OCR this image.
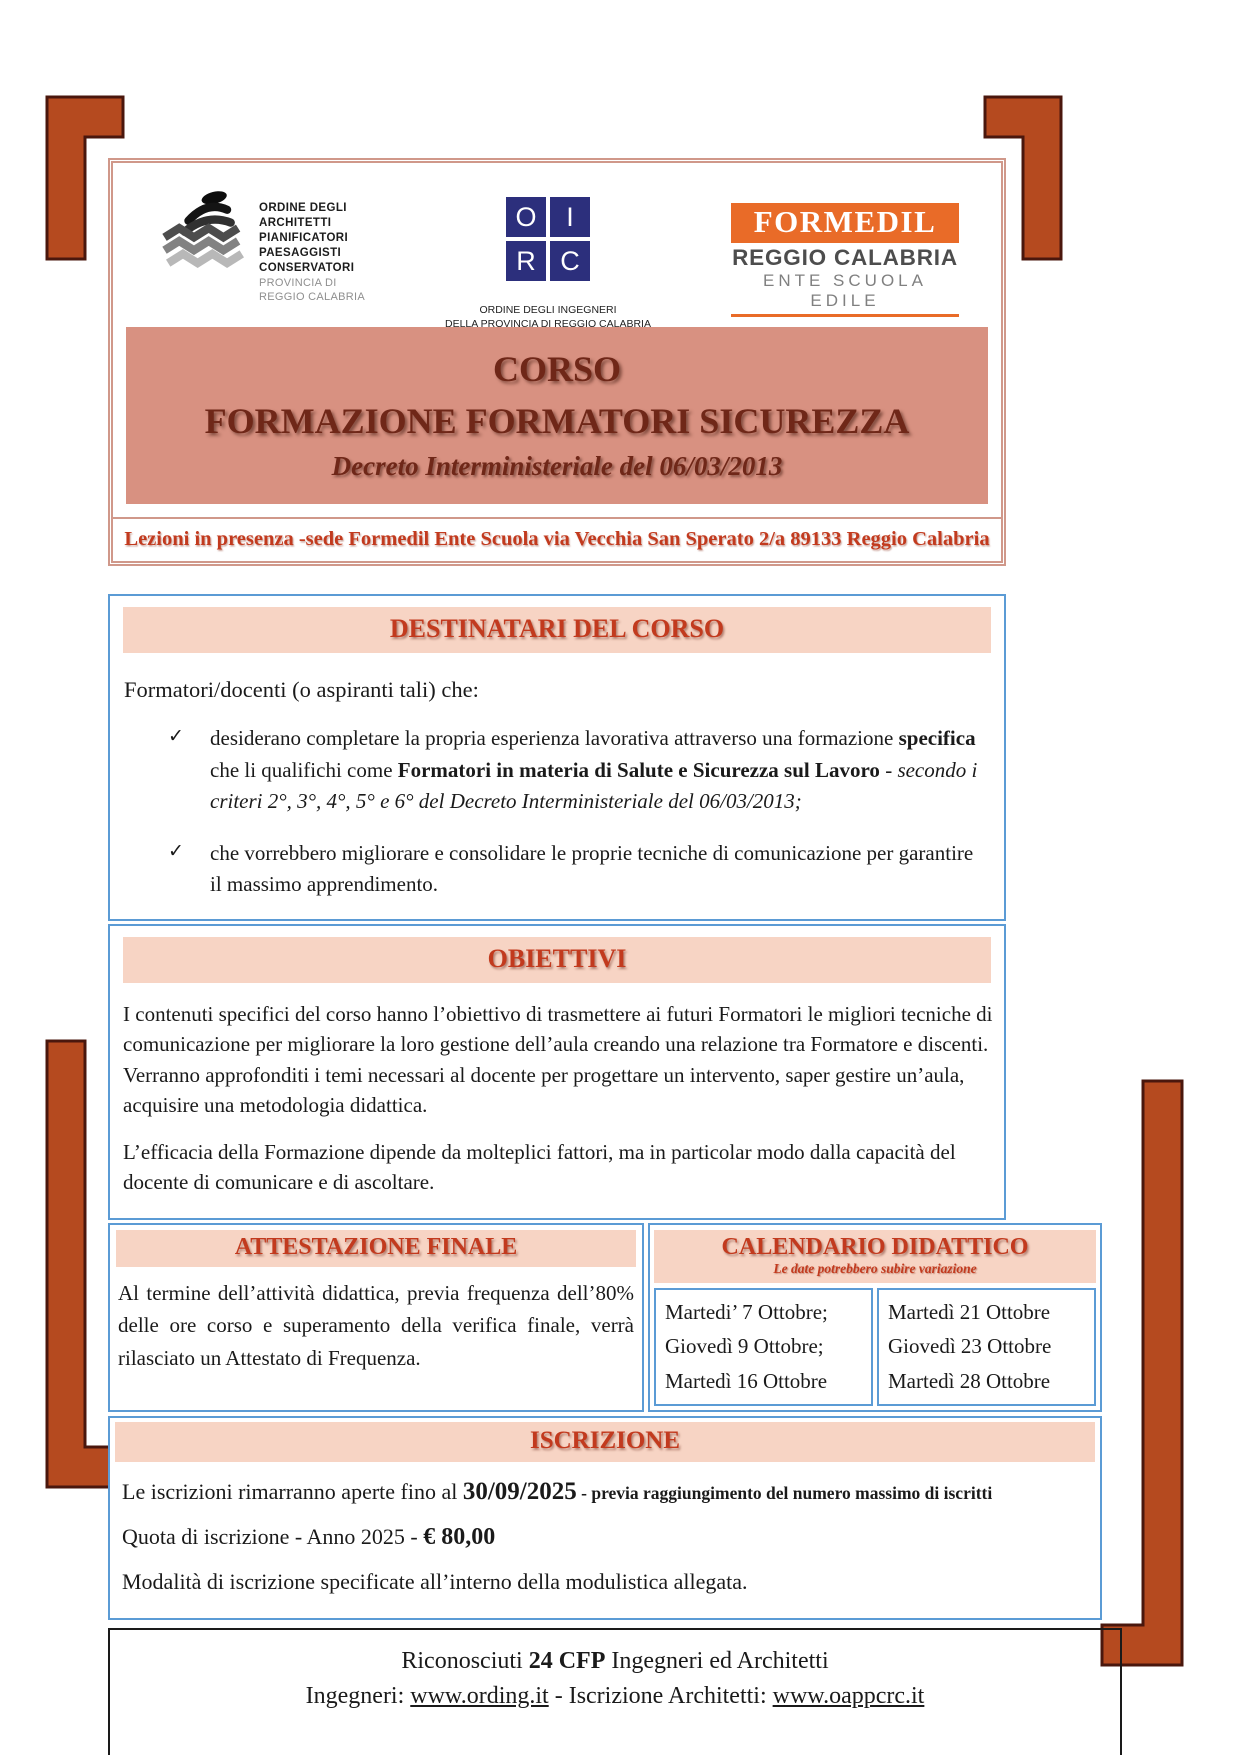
ORDINE DEGLI
ARCHITETTI
PIANIFICATORI
PAESAGGISTI
CONSERVATORI
PROVINCIA DI
REGGIO CALABRIA
O	I
R C
ORDINE DEGLI INGEGNERI
DELLA PROVINCIA DI REGGIO CALABRIA
FORMEDIL
REGGIO CALABRIA
ENTE SCUOLA EDILE
CORSO
FORMAZIONE FORMATORI SICUREZZA
Decreto Interministeriale del 06/03/2013
Lezioni in presenza -sede Formedil Ente Scuola via Vecchia San Sperato 2/a 89133 Reggio Calabria
DESTINATARI DEL CORSO
Formatori/docenti (o aspiranti tali) che:
✓	desiderano completare la propria esperienza lavorativa attraverso una formazione specifica che li qualifichi come Formatori in materia di Salute e Sicurezza sul Lavoro - secondo i criteri 2°, 3°, 4°, 5° e 6° del Decreto Interministeriale del 06/03/2013;
✓	che vorrebbero migliorare e consolidare le proprie tecniche di comunicazione per garantire il massimo apprendimento.
OBIETTIVI
I contenuti specifici del corso hanno l’obiettivo di trasmettere ai futuri Formatori le migliori tecniche di comunicazione per migliorare la loro gestione dell’aula creando una relazione tra Formatore e discenti. Verranno approfonditi i temi necessari al docente per progettare un intervento, saper gestire un’aula, acquisire una metodologia didattica.
L’efficacia della Formazione dipende da molteplici fattori, ma in particolar modo dalla capacità del docente di comunicare e di ascoltare.
ATTESTAZIONE FINALE
Al termine dell’attività didattica, previa frequenza dell’80% delle ore corso e superamento della verifica finale, verrà rilasciato un Attestato di Frequenza.
CALENDARIO DIDATTICO
Le date potrebbero subire variazione
Martedi’ 7 Ottobre;
Giovedì 9 Ottobre;
Martedì 16 Ottobre
Martedì 21 Ottobre
Giovedì 23 Ottobre
Martedì 28 Ottobre
ISCRIZIONE
Le iscrizioni rimarranno aperte fino al 30/09/2025 - previa raggiungimento del numero massimo di iscritti
Quota di iscrizione - Anno 2025 - € 80,00
Modalità di iscrizione specificate all’interno della modulistica allegata.
Riconosciuti 24 CFP Ingegneri ed Architetti
Ingegneri: www.ording.it - Iscrizione Architetti: www.oappcrc.it
